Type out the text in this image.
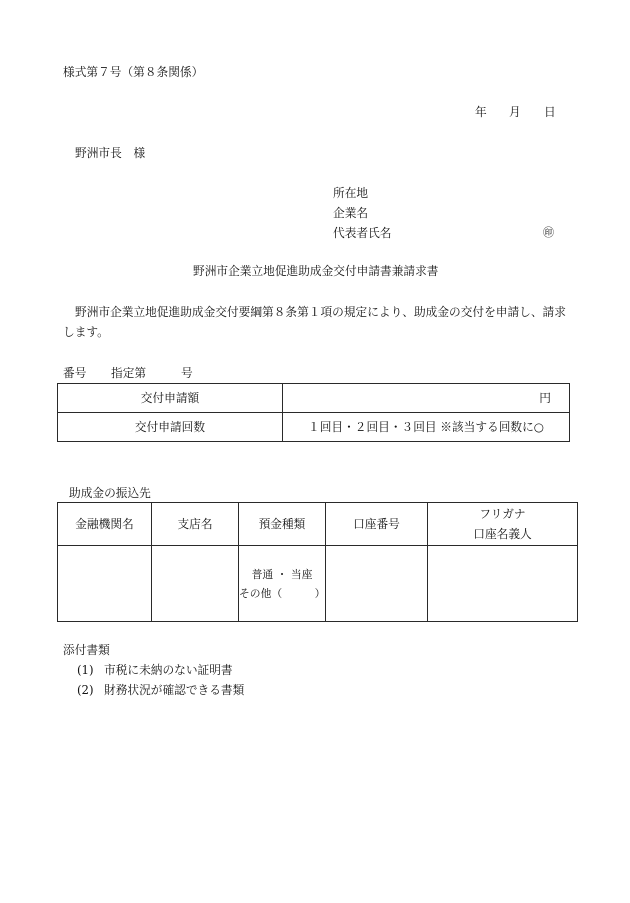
様式第７号（第８条関係）
年 月 日
野洲市長　様
所在地
企業名
代表者氏名	㊞
野洲市企業立地促進助成金交付申請書兼請求書
野洲市企業立地促進助成金交付要綱第８条第１項の規定により、助成金の交付を申請し、請求
します。
番号 指定第	号
交付申請額	円
交付申請回数	１回目・２回目・３回目 ※該当する回数に○
助成金の振込先
金融機関名	支店名	預金種類	口座番号	フリガナ
口座名義人

		普通 ・ 当座
その他（　　　）		

添付書類
(1) 市税に未納のない証明書
(2) 財務状況が確認できる書類
